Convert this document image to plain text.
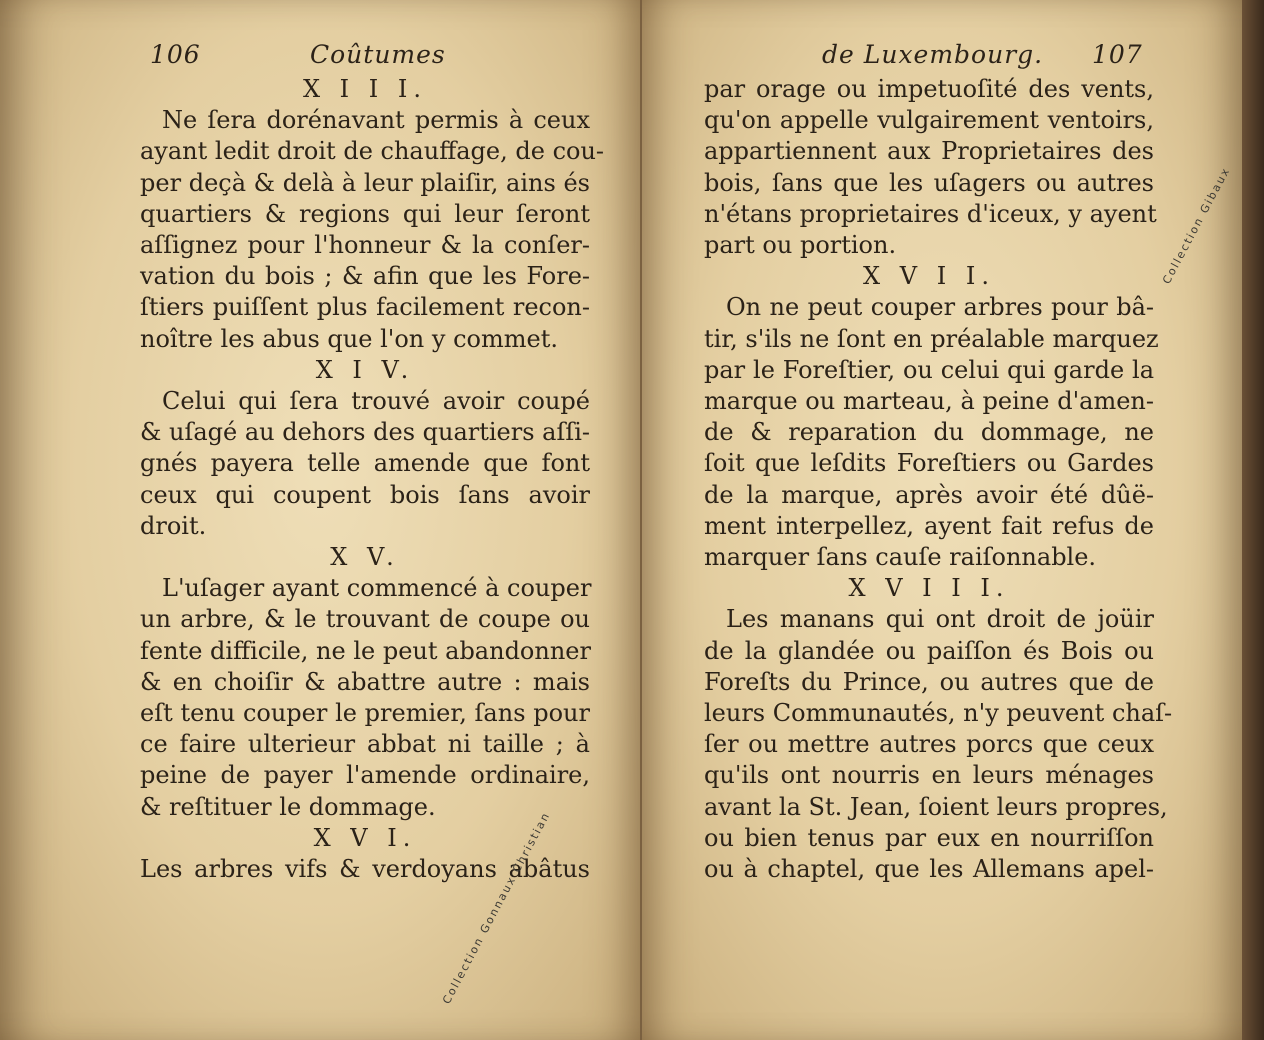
106	Coûtumes
X I I I.
Ne ſera dorénavant permis à ceux
ayant ledit droit de chauffage, de cou-
per deçà & delà à leur plaiſir, ains és
quartiers & regions qui leur ſeront
aſſignez pour l'honneur & la conſer-
vation du bois ; & afin que les Fore-
ſtiers puiſſent plus facilement recon-
noître les abus que l'on y commet.
X I V.
Celui qui ſera trouvé avoir coupé
& uſagé au dehors des quartiers aſſi-
gnés payera telle amende que font
ceux qui coupent bois ſans avoir
droit.
X V.
L'uſager ayant commencé à couper
un arbre, & le trouvant de coupe ou
fente difficile, ne le peut abandonner
& en choiſir & abattre autre : mais
eſt tenu couper le premier, ſans pour
ce faire ulterieur abbat ni taille ; à
peine de payer l'amende ordinaire,
& reſtituer le dommage.
X V I.
Les arbres vifs & verdoyans abâtus
de Luxembourg. 107
par orage ou impetuoſité des vents,
qu'on appelle vulgairement ventoirs,
appartiennent aux Proprietaires des
bois, ſans que les uſagers ou autres
n'étans proprietaires d'iceux, y ayent
part ou portion.
X V I I.
On ne peut couper arbres pour bâ-
tir, s'ils ne ſont en préalable marquez
par le Foreſtier, ou celui qui garde la
marque ou marteau, à peine d'amen-
de & reparation du dommage, ne
ſoit que leſdits Foreſtiers ou Gardes
de la marque, après avoir été dûë-
ment interpellez, ayent fait refus de
marquer ſans cauſe raiſonnable.
X V I I I.
Les manans qui ont droit de joüir
de la glandée ou paiſſon és Bois ou
Foreſts du Prince, ou autres que de
leurs Communautés, n'y peuvent chaſ-
ſer ou mettre autres porcs que ceux
qu'ils ont nourris en leurs ménages
avant la St. Jean, ſoient leurs propres,
ou bien tenus par eux en nourriſſon
ou à chaptel, que les Allemans apel-
Collection Gonnaux Christian
Collection Gibaux
